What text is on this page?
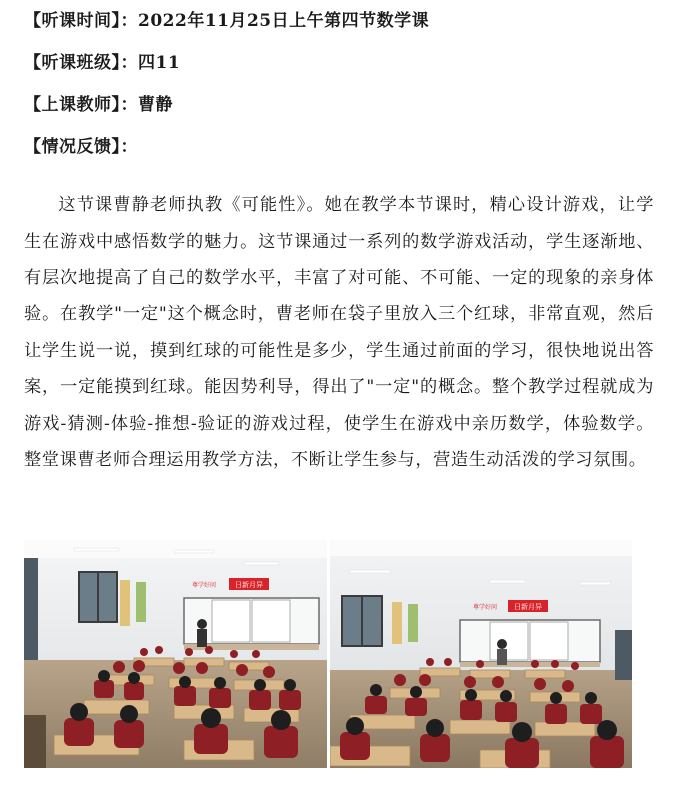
【听课时间】：2022年11月25日上午第四节数学课
【听课班级】：四11
【上课教师】：曹静
【情况反馈】：

这节课曹静老师执教《可能性》。她在教学本节课时，精心设计游戏，让学生在游戏中感悟数学的魅力。这节课通过一系列的数学游戏活动，学生逐渐地、有层次地提高了自己的数学水平，丰富了对可能、不可能、一定的现象的亲身体验。在教学"一定"这个概念时，曹老师在袋子里放入三个红球，非常直观，然后让学生说一说，摸到红球的可能性是多少，学生通过前面的学习，很快地说出答案，一定能摸到红球。能因势利导，得出了"一定"的概念。整个教学过程就成为游戏-猜测-体验-推想-验证的游戏过程，使学生在游戏中亲历数学，体验数学。整堂课曹老师合理运用教学方法，不断让学生参与，营造生动活泼的学习氛围。

日新月异
尊学好问
日新月异
尊学好问
